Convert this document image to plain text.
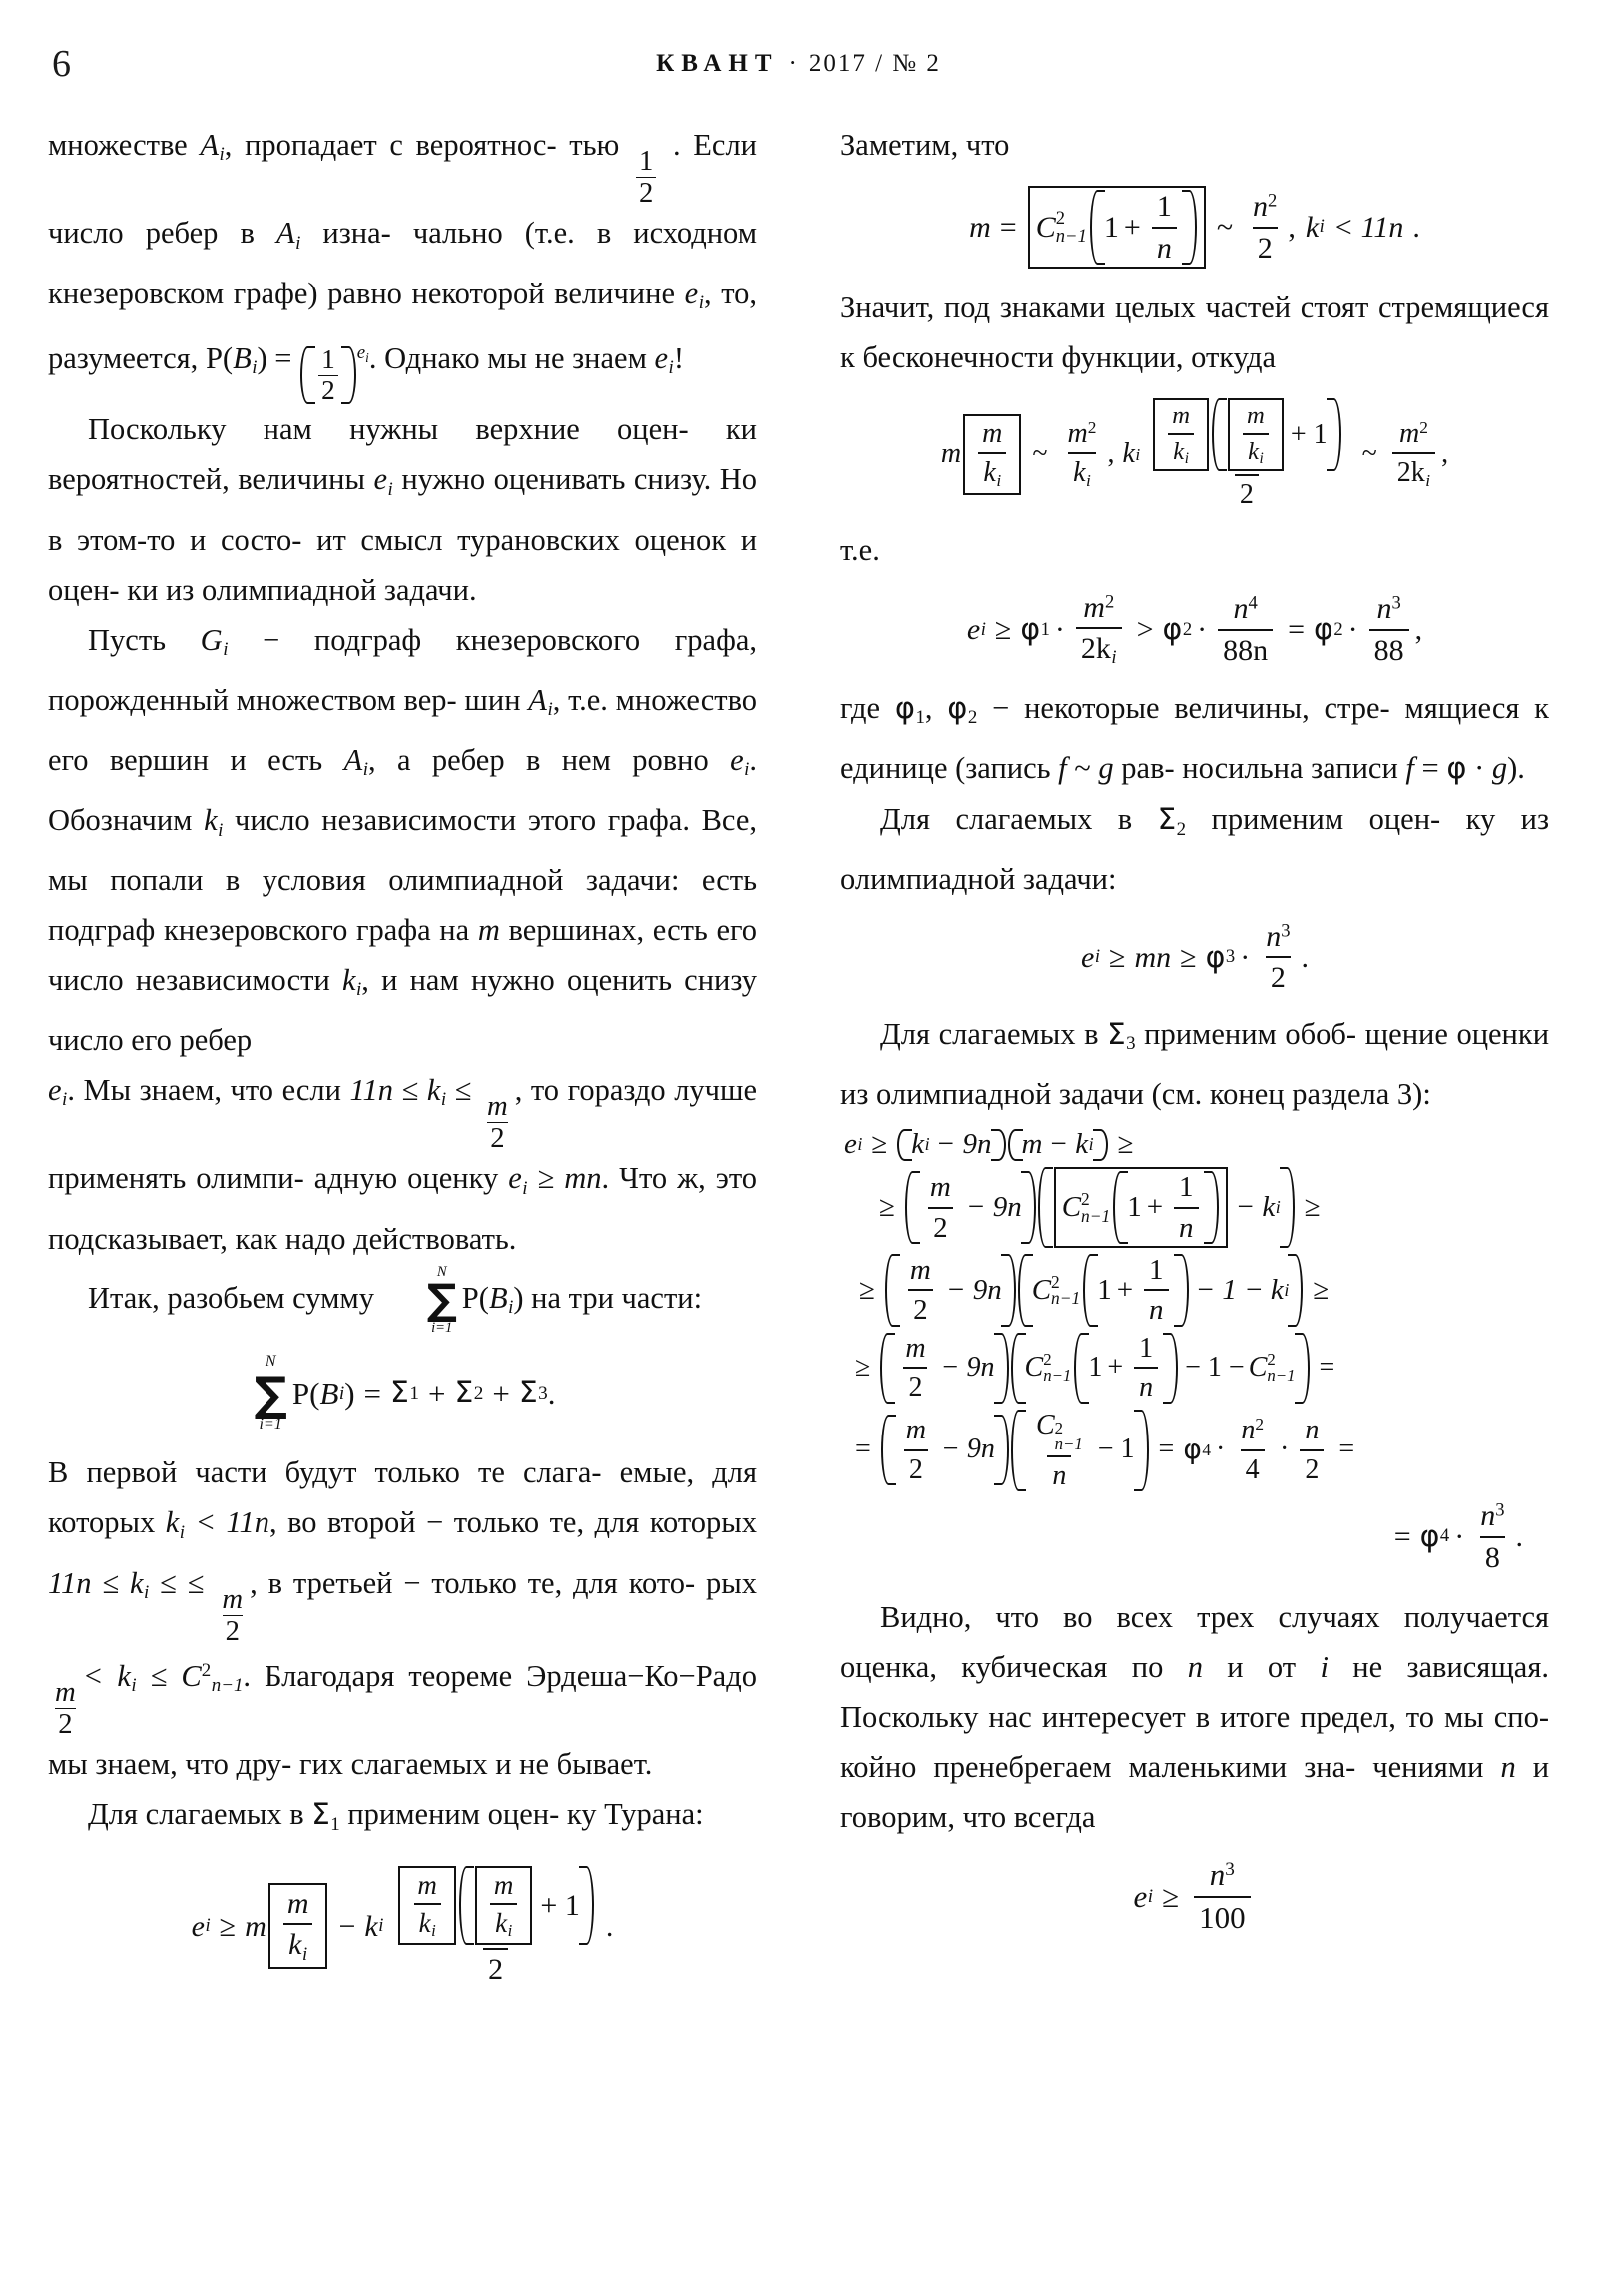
6	КВАНТ · 2017 / № 2

множестве $A_i$, пропадает с вероятнос- тью
$\frac{1}{2}$
. Если число ребер в $A_i$ изна- чально (т.е. в исходном кнезеровском графе) равно некоторой величине $e_i$, то, разумеется, $P(B_i) = \frac{1}{2} ^{e_i}$. Однако мы не знаем $e_i$!

Поскольку нам нужны верхние оцен- ки вероятностей, величины $e_i$ нужно оценивать снизу. Но в этом-то и состо- ит смысл турановских оценок и оцен- ки из олимпиадной задачи.

Пусть $G_i$ − подграф кнезеровского графа, порожденный множеством вер- шин $A_i$, т.е. множество его вершин и есть $A_i$, а ребер в нем ровно $e_i$. Обозначим $k_i$ число независимости этого графа. Все, мы попали в условия олимпиадной задачи: есть подграф кнезеровского графа на m вершинах, есть его число независимости $k_i$, и нам нужно оценить снизу число его ребер

$e_i$. Мы знаем, что если $11n \le k_i$ ≤
$\frac{m}{2}$
, то гораздо лучше применять олимпи- адную оценку $e_i$ ≥ mn. Что ж, это подсказывает, как надо действовать.

Итак, разобьем сумму
N
∑
i=1
$P(B_i)$ на три части:

N
∑
i=1
P ( B i ) = Σ 1 + Σ 2 + Σ 3 .

В первой части будут только те слага- емые, для которых $k_i < 11n$, во второй − только те, для которых $11n \le k_i$ ≤ ≤
$\frac{m}{2}$
, в третьей − только те, для кото- рых
$\frac{m}{2}$
< $k_i \le C^2_{n-1}$. Благодаря теореме Эрдеша−Ко−Радо мы знаем, что дру- гих слагаемых и не бывает.

Для слагаемых в $\Sigma_1$ применим оцен- ку Турана:

e i ≥ m $\frac{m}{k_i} - k$ i $\frac{\frac{m}{k_i} \frac{m}{k_i} + 1}{2}$ .

Заметим, что

m = C 2
n−1 $1 + \frac{1}{n}$	~ $\frac{n^2}{2}$ , k i < 11n .

Значит, под знаками целых частей стоят стремящиеся к бесконечности функции, откуда

m $\frac{m}{k_i}$ ~ $\frac{m^2}{k_i}$ , k i $\frac{\frac{m}{k_i} \frac{m}{k_i} + 1}{2}$ ~ $\frac{m^2}{2k_i}$ ,

т.е.

e i ≥ φ $1 \cdot \frac{m^2}{2k_i} > \varphi$ $2 \cdot \frac{n^4}{88n} = \varphi$ $2 \cdot \frac{n^3}{88}$ ,

где $\varphi_1$, $\varphi_2$ − некоторые величины, стре- мящиеся к единице (запись f ~ g рав- носильна записи f = φ · g).

Для слагаемых в $\Sigma_2$ применим оцен- ку из олимпиадной задачи:

e i ≥ mn ≥ φ $3 \cdot \frac{n^3}{2}$ .

Для слагаемых в $\Sigma_3$ применим обоб- щение оценки из олимпиадной задачи (см. конец раздела 3):

e i ≥ k i − 9n m − k i ≥
≥	$\frac{m}{2} - 9n$ C 2
n−1 $1 + \frac{1}{n} - k$ i ≥
≥	$\frac{m}{2} - 9n$ C 2
n−1 $1 + \frac{1}{n} - 1 - k$ i ≥
≥	$\frac{m}{2} - 9n$ C 2
n−1 $1 + \frac{1}{n} - 1 - C$ 2
n−1 =
=	$\frac{m}{2} - 9n$ C 2
n−1
n − 1 = φ $4 \cdot \frac{n^2}{4} \cdot \frac{n}{2}$ =
= φ $4 \cdot \frac{n^3}{8}$ .

Видно, что во всех трех случаях получается оценка, кубическая по n и от i не зависящая. Поскольку нас интересует в итоге предел, то мы спо- койно пренебрегаем маленькими зна- чениями n и говорим, что всегда

e $i \ge \frac{n^3}{100}$
